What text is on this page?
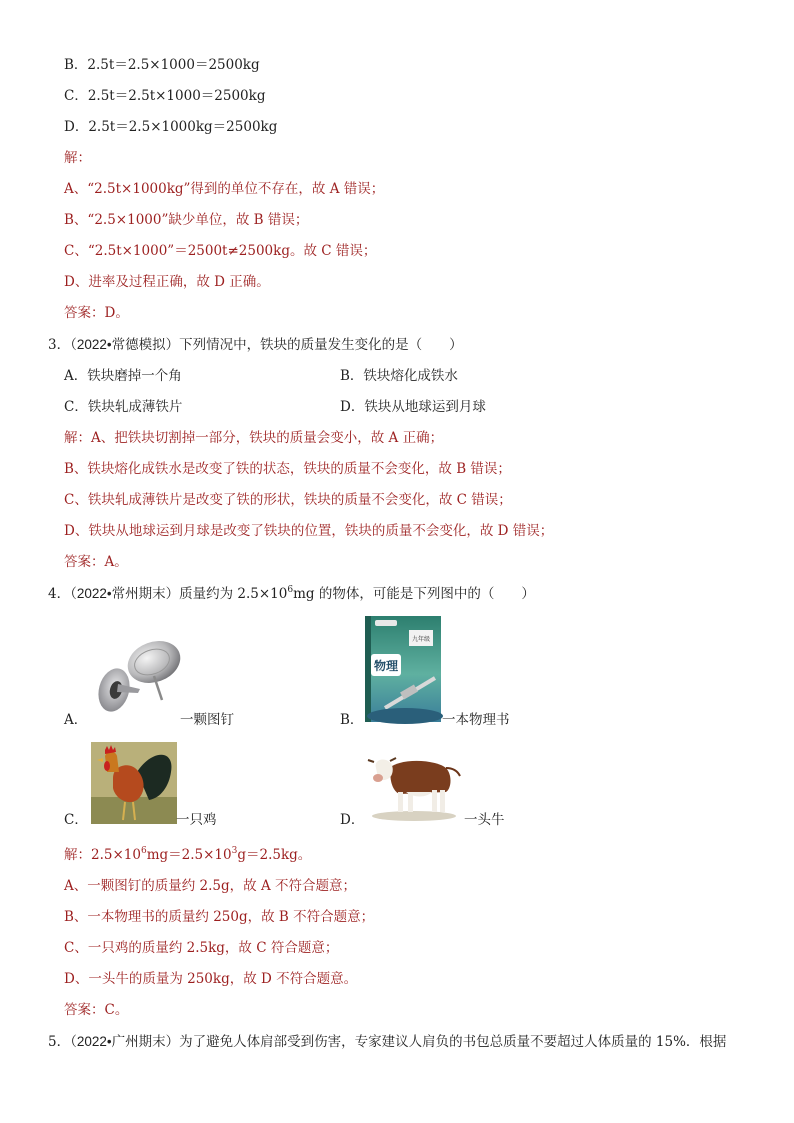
B．2.5t＝2.5×1000＝2500kg
C．2.5t＝2.5t×1000＝2500kg
D．2.5t＝2.5×1000kg＝2500kg
解：
A、“2.5t×1000kg”得到的单位不存在，故 A 错误；
B、“2.5×1000”缺少单位，故 B 错误；
C、“2.5t×1000”＝2500t≠2500kg。故 C 错误；
D、进率及过程正确，故 D 正确。
答案：D。
3．（2022•常德模拟）下列情况中，铁块的质量发生变化的是（　　）
A．铁块磨掉一个角	B．铁块熔化成铁水
C．铁块轧成薄铁片	D．铁块从地球运到月球
解：A、把铁块切割掉一部分，铁块的质量会变小，故 A 正确；
B、铁块熔化成铁水是改变了铁的状态，铁块的质量不会变化，故 B 错误；
C、铁块轧成薄铁片是改变了铁的形状，铁块的质量不会变化，故 C 错误；
D、铁块从地球运到月球是改变了铁块的位置，铁块的质量不会变化，故 D 错误；
答案：A。
4．（2022•常州期末）质量约为 $2.5\times 10^6mg$ 的物体，可能是下列图中的（　　）
A．	一颗图钉	B．
九年级
物理
一本物理书
C．	一只鸡	D．	一头牛
解：$2.5\times 10^6mg=2.5\times 10^3g=2.5kg$。
A、一颗图钉的质量约 2.5g，故 A 不符合题意；
B、一本物理书的质量约 250g，故 B 不符合题意；
C、一只鸡的质量约 2.5kg，故 C 符合题意；
D、一头牛的质量为 250kg，故 D 不符合题意。
答案：C。
5．（2022•广州期末）为了避免人体肩部受到伤害，专家建议人肩负的书包总质量不要超过人体质量的 15%．根据
